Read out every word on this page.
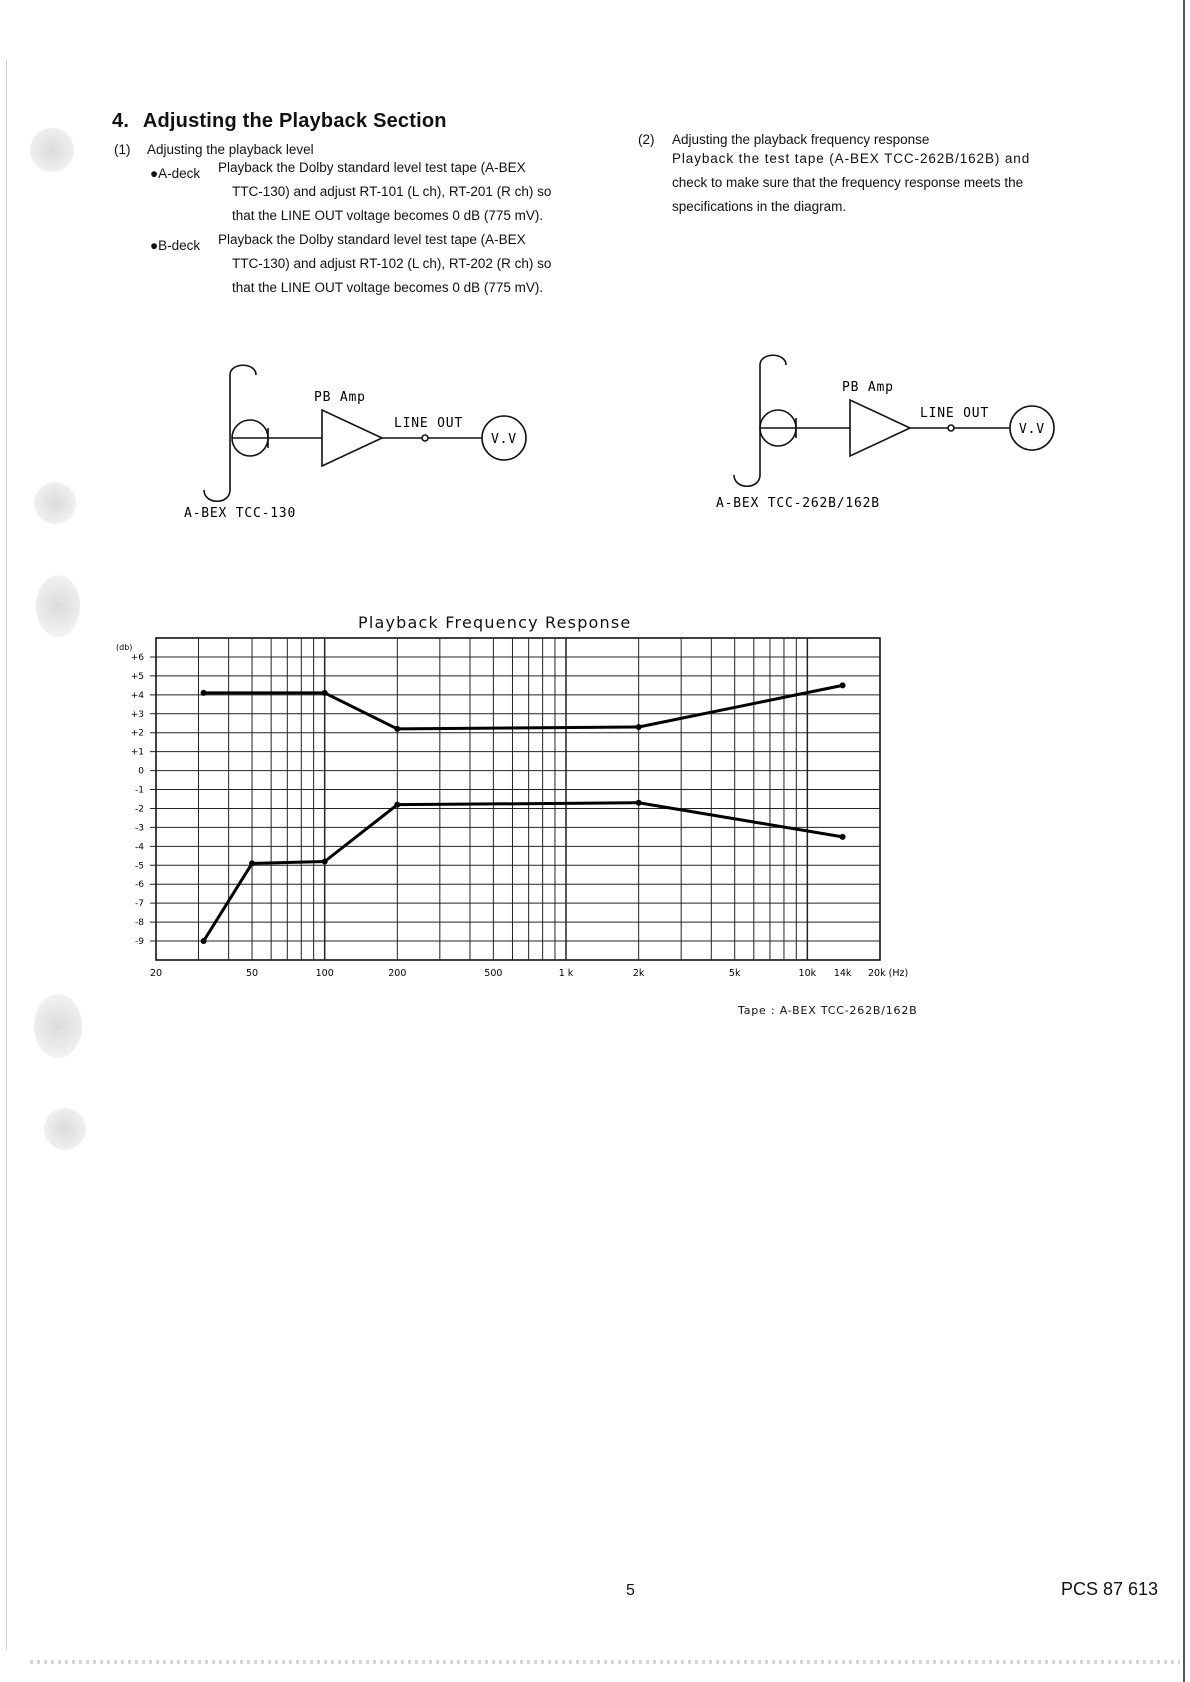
4. Adjusting the Playback Section
(1) Adjusting the playback level
●A-deck Playback the Dolby standard level test tape (A-BEX
TTC-130) and adjust RT-101 (L ch), RT-201 (R ch) so
that the LINE OUT voltage becomes 0 dB (775 mV).
●B-deck Playback the Dolby standard level test tape (A-BEX
TTC-130) and adjust RT-102 (L ch), RT-202 (R ch) so
that the LINE OUT voltage becomes 0 dB (775 mV).
(2) Adjusting the playback frequency response
Playback the test tape (A-BEX TCC-262B/162B) and
check to make sure that the frequency response meets the
specifications in the diagram.
PB Amp
LINE OUT
V.V
A-BEX TCC-130
PB Amp
LINE OUT
V.V
A-BEX TCC-262B/162B
Playback Frequency Response
+6
+5
+4
+3
+2
+1
0
-1
-2
-3
-4
-5
-6
-7
-8
-9
20	50	100	200	500	1 k	2k	5k	10k 14k 20k (Hz)
(db)
Tape : A-BEX TCC-262B/162B
5	PCS 87 613
